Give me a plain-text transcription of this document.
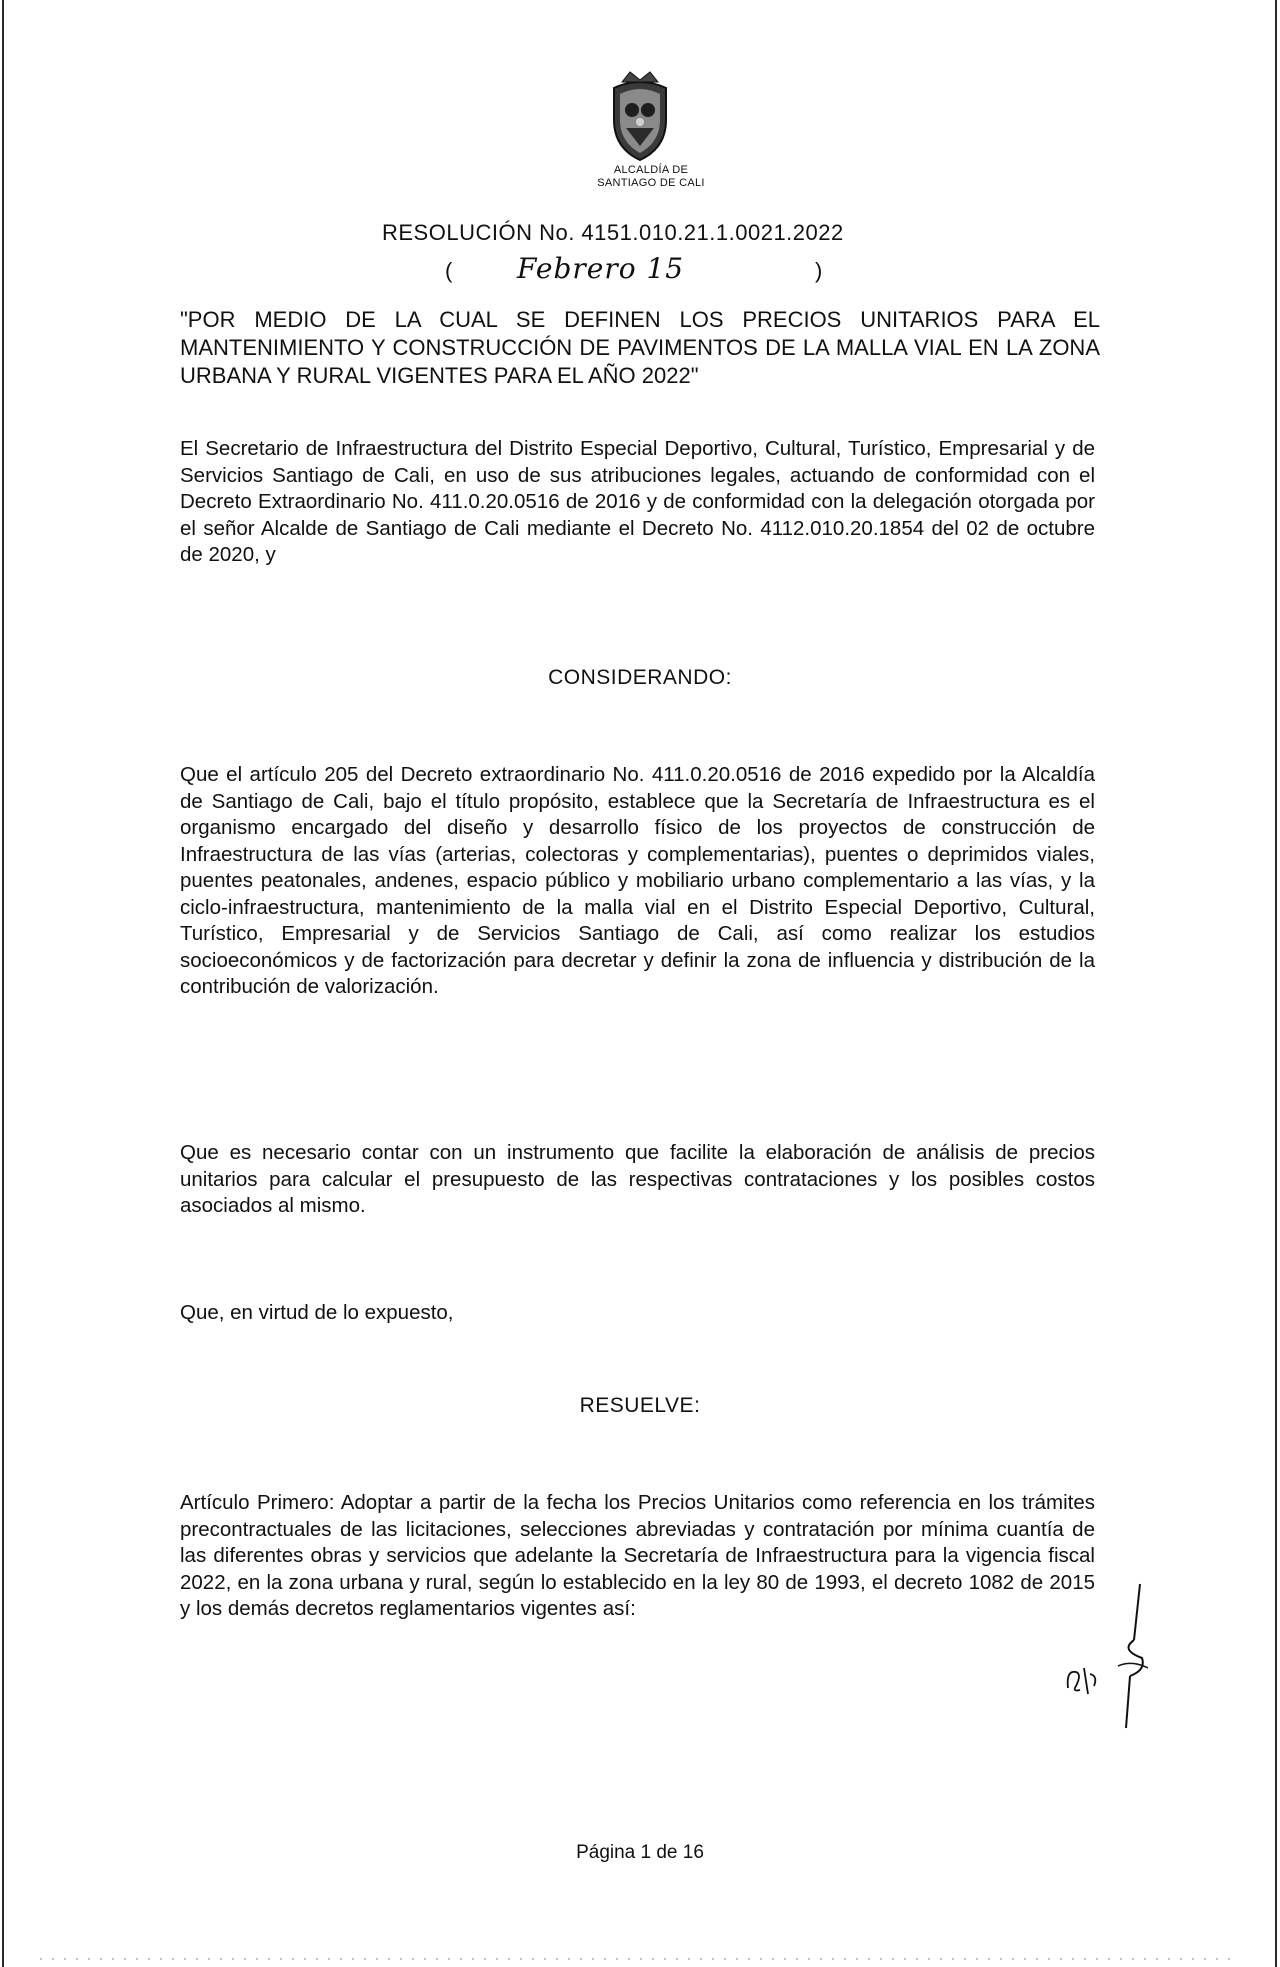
ALCALDÍA DE
SANTIAGO DE CALI
RESOLUCIÓN No. 4151.010.21.1.0021.2022
( Febrero 15	)
"POR MEDIO DE LA CUAL SE DEFINEN LOS PRECIOS UNITARIOS PARA EL MANTENIMIENTO Y CONSTRUCCIÓN DE PAVIMENTOS DE LA MALLA VIAL EN LA ZONA URBANA Y RURAL VIGENTES PARA EL AÑO 2022"

El Secretario de Infraestructura del Distrito Especial Deportivo, Cultural, Turístico, Empresarial y de Servicios Santiago de Cali, en uso de sus atribuciones legales, actuando de conformidad con el Decreto Extraordinario No. 411.0.20.0516 de 2016 y de conformidad con la delegación otorgada por el señor Alcalde de Santiago de Cali mediante el Decreto No. 4112.010.20.1854 del 02 de octubre de 2020, y

CONSIDERANDO:

Que el artículo 205 del Decreto extraordinario No. 411.0.20.0516 de 2016 expedido por la Alcaldía de Santiago de Cali, bajo el título propósito, establece que la Secretaría de Infraestructura es el organismo encargado del diseño y desarrollo físico de los proyectos de construcción de Infraestructura de las vías (arterias, colectoras y complementarias), puentes o deprimidos viales, puentes peatonales, andenes, espacio público y mobiliario urbano complementario a las vías, y la ciclo-infraestructura, mantenimiento de la malla vial en el Distrito Especial Deportivo, Cultural, Turístico, Empresarial y de Servicios Santiago de Cali, así como realizar los estudios socioeconómicos y de factorización para decretar y definir la zona de influencia y distribución de la contribución de valorización.

Que es necesario contar con un instrumento que facilite la elaboración de análisis de precios unitarios para calcular el presupuesto de las respectivas contrataciones y los posibles costos asociados al mismo.

Que, en virtud de lo expuesto,

RESUELVE:

Artículo Primero: Adoptar a partir de la fecha los Precios Unitarios como referencia en los trámites precontractuales de las licitaciones, selecciones abreviadas y contratación por mínima cuantía de las diferentes obras y servicios que adelante la Secretaría de Infraestructura para la vigencia fiscal 2022, en la zona urbana y rural, según lo establecido en la ley 80 de 1993, el decreto 1082 de 2015 y los demás decretos reglamentarios vigentes así:

Página 1 de 16
